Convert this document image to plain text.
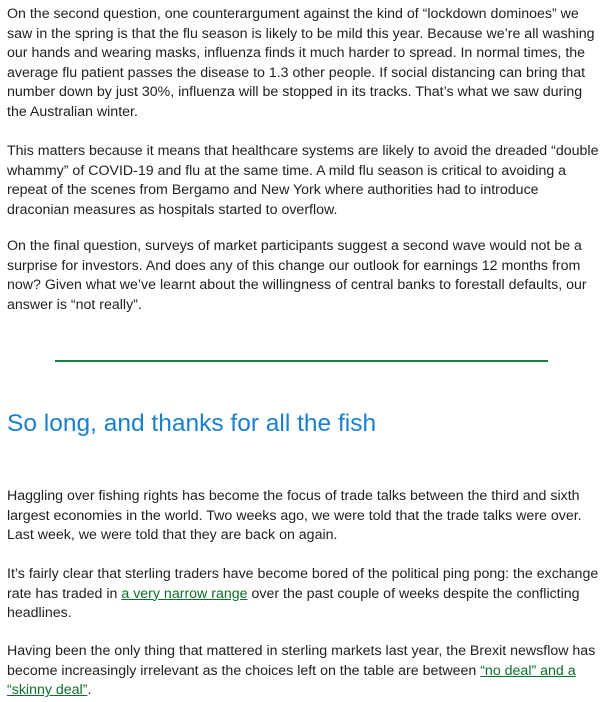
On the second question, one counterargument against the kind of “lockdown dominoes” we saw in the spring is that the flu season is likely to be mild this year. Because we’re all washing our hands and wearing masks, influenza finds it much harder to spread. In normal times, the average flu patient passes the disease to 1.3 other people. If social distancing can bring that number down by just 30%, influenza will be stopped in its tracks. That’s what we saw during the Australian winter.

This matters because it means that healthcare systems are likely to avoid the dreaded “double whammy” of COVID-19 and flu at the same time. A mild flu season is critical to avoiding a repeat of the scenes from Bergamo and New York where authorities had to introduce draconian measures as hospitals started to overflow.

On the final question, surveys of market participants suggest a second wave would not be a surprise for investors. And does any of this change our outlook for earnings 12 months from now? Given what we’ve learnt about the willingness of central banks to forestall defaults, our answer is “not really”.

So long, and thanks for all the fish

Haggling over fishing rights has become the focus of trade talks between the third and sixth largest economies in the world. Two weeks ago, we were told that the trade talks were over. Last week, we were told that they are back on again.

It’s fairly clear that sterling traders have become bored of the political ping pong: the exchange rate has traded in a very narrow range over the past couple of weeks despite the conflicting headlines.

Having been the only thing that mattered in sterling markets last year, the Brexit newsflow has become increasingly irrelevant as the choices left on the table are between “no deal” and a “skinny deal”.
